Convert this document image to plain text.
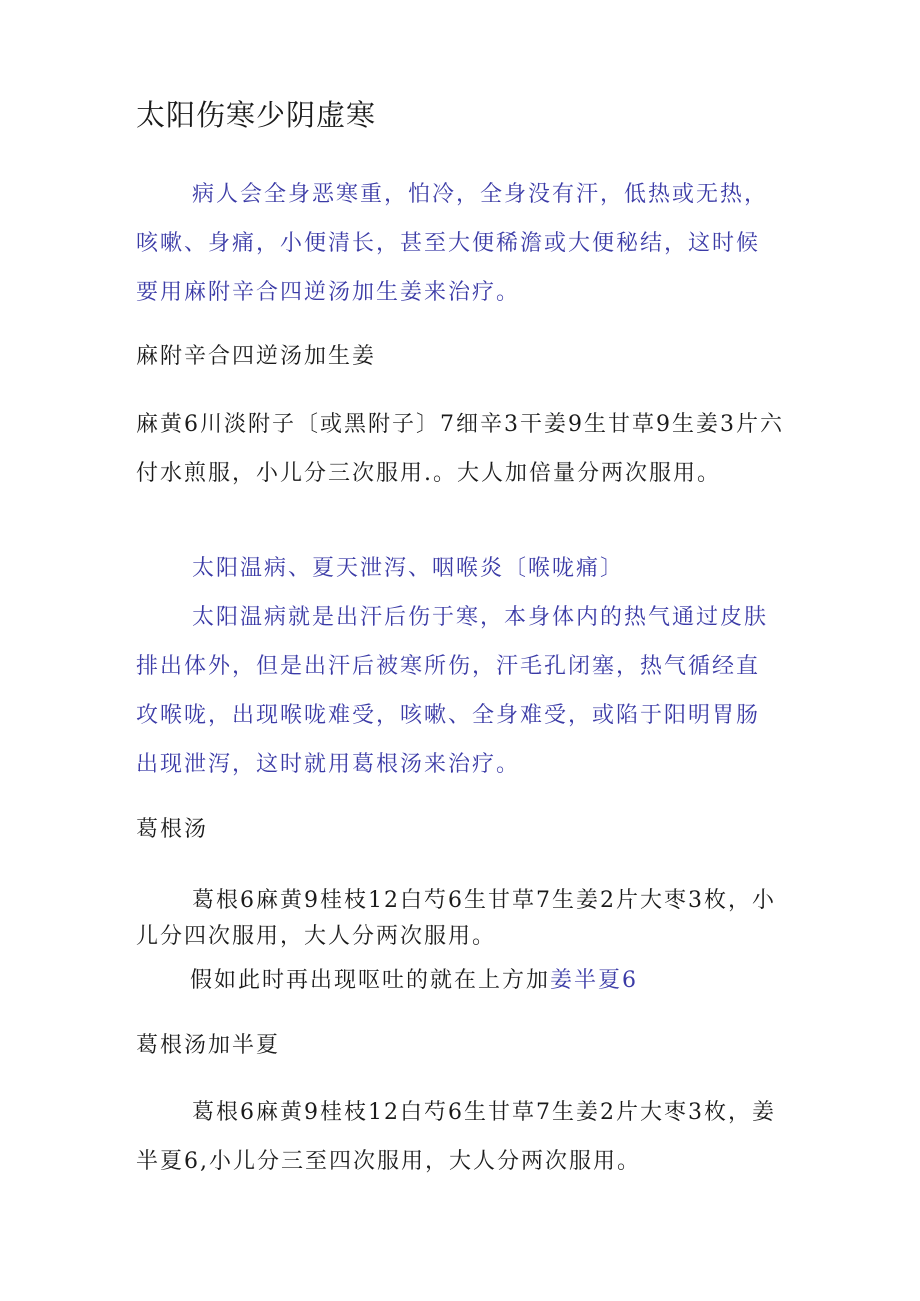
太阳伤寒少阴虚寒
病人会全身恶寒重，怕冷，全身没有汗，低热或无热，
咳嗽、身痛，小便清长，甚至大便稀澹或大便秘结，这时候
要用麻附辛合四逆汤加生姜来治疗。
麻附辛合四逆汤加生姜
麻黄6川淡附子〔或黑附子〕7细辛3干姜9生甘草9生姜3片六
付水煎服，小儿分三次服用.。大人加倍量分两次服用。
太阳温病、夏天泄泻、咽喉炎〔喉咙痛〕
太阳温病就是出汗后伤于寒，本身体内的热气通过皮肤
排出体外，但是出汗后被寒所伤，汗毛孔闭塞，热气循经直
攻喉咙，出现喉咙难受，咳嗽、全身难受，或陷于阳明胃肠
出现泄泻，这时就用葛根汤来治疗。
葛根汤
葛根6麻黄9桂枝12白芍6生甘草7生姜2片大枣3枚，小
儿分四次服用，大人分两次服用。
假如此时再出现呕吐的就在上方加姜半夏6
葛根汤加半夏
葛根6麻黄9桂枝12白芍6生甘草7生姜2片大枣3枚，姜
半夏6,小儿分三至四次服用，大人分两次服用。
